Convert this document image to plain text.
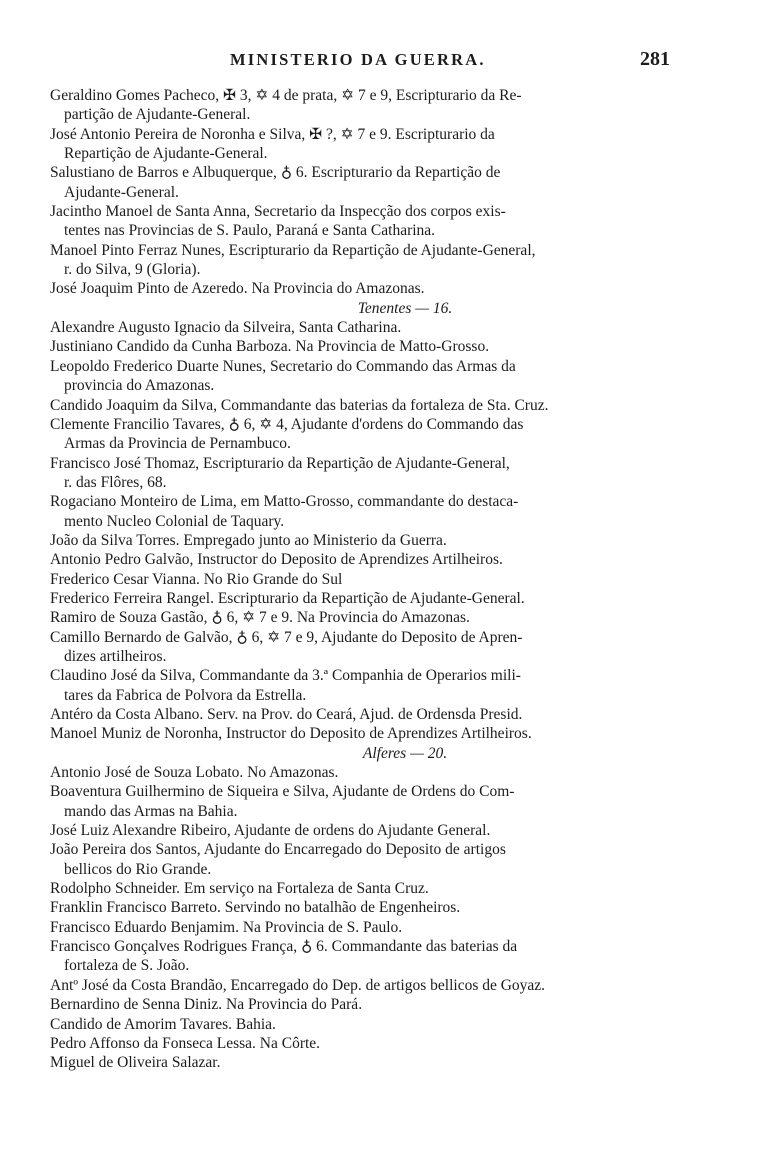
MINISTERIO DA GUERRA.	281
Geraldino Gomes Pacheco, ✠ 3, ✡ 4 de prata, ✡ 7 e 9, Escripturario da Re-
partição de Ajudante-General.
José Antonio Pereira de Noronha e Silva, ✠ ?, ✡ 7 e 9. Escripturario da
Repartição de Ajudante-General.
Salustiano de Barros e Albuquerque, ♁ 6. Escripturario da Repartição de
Ajudante-General.
Jacintho Manoel de Santa Anna, Secretario da Inspecção dos corpos exis-
tentes nas Provincias de S. Paulo, Paraná e Santa Catharina.
Manoel Pinto Ferraz Nunes, Escripturario da Repartição de Ajudante-General,
r. do Silva, 9 (Gloria).
José Joaquim Pinto de Azeredo. Na Provincia do Amazonas.
Tenentes — 16.
Alexandre Augusto Ignacio da Silveira, Santa Catharina.
Justiniano Candido da Cunha Barboza. Na Provincia de Matto-Grosso.
Leopoldo Frederico Duarte Nunes, Secretario do Commando das Armas da
provincia do Amazonas.
Candido Joaquim da Silva, Commandante das baterias da fortaleza de Sta. Cruz.
Clemente Francilio Tavares, ♁ 6, ✡ 4, Ajudante d'ordens do Commando das
Armas da Provincia de Pernambuco.
Francisco José Thomaz, Escripturario da Repartição de Ajudante-General,
r. das Flôres, 68.
Rogaciano Monteiro de Lima, em Matto-Grosso, commandante do destaca-
mento Nucleo Colonial de Taquary.
João da Silva Torres. Empregado junto ao Ministerio da Guerra.
Antonio Pedro Galvão, Instructor do Deposito de Aprendizes Artilheiros.
Frederico Cesar Vianna. No Rio Grande do Sul
Frederico Ferreira Rangel. Escripturario da Repartição de Ajudante-General.
Ramiro de Souza Gastão, ♁ 6, ✡ 7 e 9. Na Provincia do Amazonas.
Camillo Bernardo de Galvão, ♁ 6, ✡ 7 e 9, Ajudante do Deposito de Apren-
dizes artilheiros.
Claudino José da Silva, Commandante da 3.ª Companhia de Operarios mili-
tares da Fabrica de Polvora da Estrella.
Antéro da Costa Albano. Serv. na Prov. do Ceará, Ajud. de Ordensda Presid.
Manoel Muniz de Noronha, Instructor do Deposito de Aprendizes Artilheiros.
Alferes — 20.
Antonio José de Souza Lobato. No Amazonas.
Boaventura Guilhermino de Siqueira e Silva, Ajudante de Ordens do Com-
mando das Armas na Bahia.
José Luiz Alexandre Ribeiro, Ajudante de ordens do Ajudante General.
João Pereira dos Santos, Ajudante do Encarregado do Deposito de artigos
bellicos do Rio Grande.
Rodolpho Schneider. Em serviço na Fortaleza de Santa Cruz.
Franklin Francisco Barreto. Servindo no batalhão de Engenheiros.
Francisco Eduardo Benjamim. Na Provincia de S. Paulo.
Francisco Gonçalves Rodrigues França, ♁ 6. Commandante das baterias da
fortaleza de S. João.
Antº José da Costa Brandão, Encarregado do Dep. de artigos bellicos de Goyaz.
Bernardino de Senna Diniz. Na Provincia do Pará.
Candido de Amorim Tavares. Bahia.
Pedro Affonso da Fonseca Lessa. Na Côrte.
Miguel de Oliveira Salazar.
